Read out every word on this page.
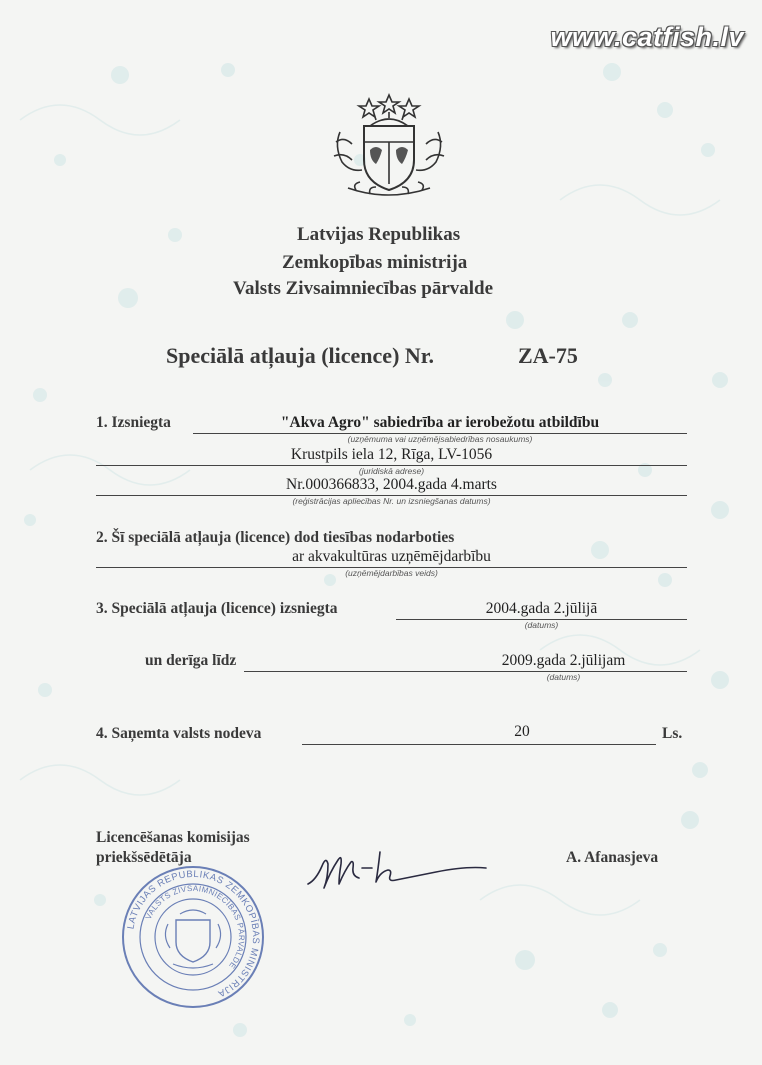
www.catfish.lv
Latvijas Republikas
Zemkopības ministrija
Valsts Zivsaimniecības pārvalde
Speciālā atļauja (licence) Nr.	ZA-75
1. Izsniegta	"Akva Agro" sabiedrība ar ierobežotu atbildību
(uzņēmuma vai uzņēmējsabiedrības nosaukums)
Krustpils iela 12, Rīga, LV-1056
(juridiskā adrese)
Nr.000366833, 2004.gada 4.marts
(reģistrācijas apliecības Nr. un izsniegšanas datums)
2. Šī speciālā atļauja (licence) dod tiesības nodarboties
ar akvakultūras uzņēmējdarbību
(uzņēmējdarbības veids)
3. Speciālā atļauja (licence) izsniegta	2004.gada 2.jūlijā
(datums)
un derīga līdz	2009.gada 2.jūlijam
(datums)
4. Saņemta valsts nodeva	20	Ls.
Licencēšanas komisijas
priekšsēdētāja	A. Afanasjeva
LATVIJAS REPUBLIKAS ZEMKOPĪBAS MINISTRIJA
VALSTS ZIVSAIMNIECĪBAS PĀRVALDE
